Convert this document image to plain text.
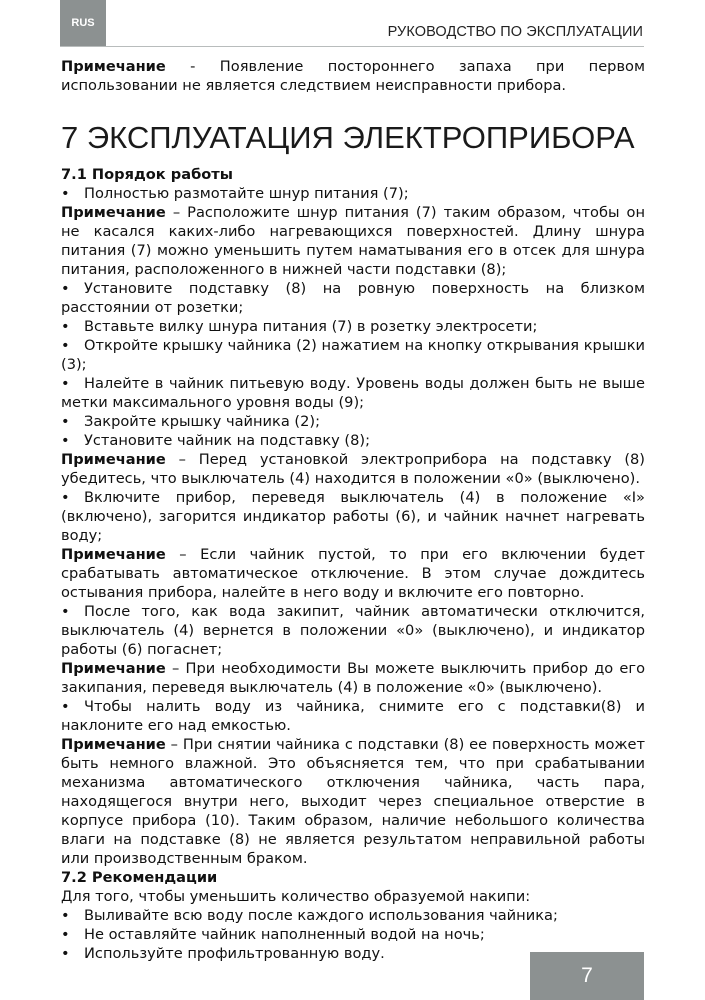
RUS
РУКОВОДСТВО ПО ЭКСПЛУАТАЦИИ

Примечание - Появление постороннего запаха при первом использовании не является следствием неисправности прибора.

7 ЭКСПЛУАТАЦИЯ ЭЛЕКТРОПРИБОРА

7.1 Порядок работы

• Полностью размотайте шнур питания (7);

Примечание – Расположите шнур питания (7) таким образом, чтобы он не касался каких-либо нагревающихся поверхностей. Длину шнура питания (7) можно уменьшить путем наматывания его в отсек для шнура питания, расположенного в нижней части подставки (8);

• Установите подставку (8) на ровную поверхность на близком расстоянии от розетки;
• Вставьте вилку шнура питания (7) в розетку электросети;
• Откройте крышку чайника (2) нажатием на кнопку открывания крышки (3);
• Налейте в чайник питьевую воду. Уровень воды должен быть не выше метки максимального уровня воды (9);
• Закройте крышку чайника (2);
• Установите чайник на подставку (8);

Примечание – Перед установкой электроприбора на подставку (8) убедитесь, что выключатель (4) находится в положении «0» (выключено).

• Включите прибор, переведя выключатель (4) в положение «I» (включено), загорится индикатор работы (6), и чайник начнет нагревать воду;

Примечание – Если чайник пустой, то при его включении будет срабатывать автоматическое отключение. В этом случае дождитесь остывания прибора, налейте в него воду и включите его повторно.

• После того, как вода закипит, чайник автоматически отключится, выключатель (4) вернется в положении «0» (выключено), и индикатор работы (6) погаснет;

Примечание – При необходимости Вы можете выключить прибор до его закипания, переведя выключатель (4) в положение «0» (выключено).

• Чтобы налить воду из чайника, снимите его с подставки(8) и наклоните его над емкостью.

Примечание – При снятии чайника с подставки (8) ее поверхность может быть немного влажной. Это объясняется тем, что при срабатывании механизма автоматического отключения чайника, часть пара, находящегося внутри него, выходит через специальное отверстие в корпусе прибора (10). Таким образом, наличие небольшого количества влаги на подставке (8) не является результатом неправильной работы или производственным браком.

7.2 Рекомендации

Для того, чтобы уменьшить количество образуемой накипи:

• Выливайте всю воду после каждого использования чайника;
• Не оставляйте чайник наполненный водой на ночь;
• Используйте профильтрованную воду.
7
